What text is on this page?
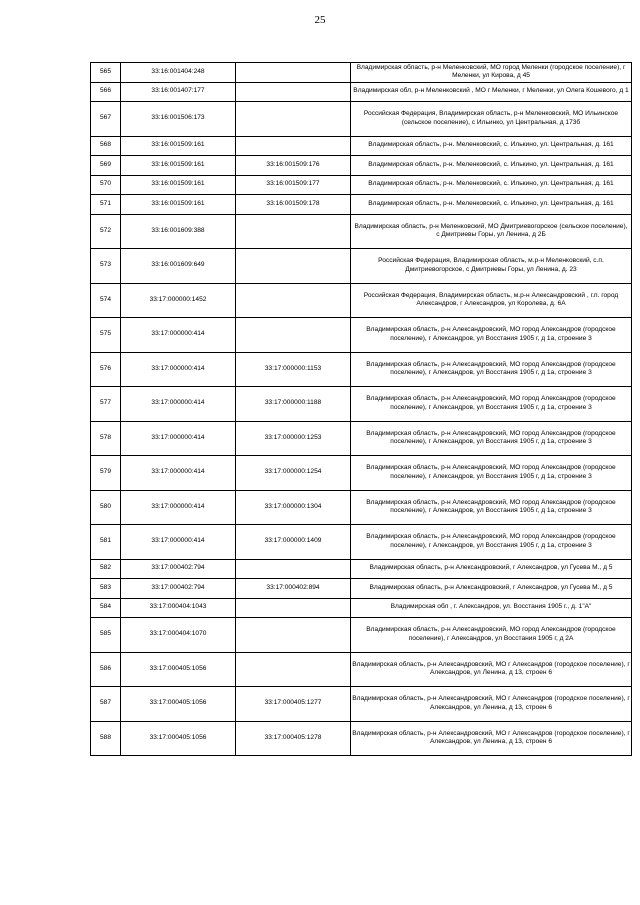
25
565	33:16:001404:248		Владимирская область, р-н Меленковский, МО город Меленки (городское поселение), г Меленки, ул Кирова, д 45
566	33:16:001407:177		Владимирская обл, р-н Меленковский , МО г Меленки, г Меленки, ул Олега Кошевого, д 1
567	33:16:001506:173		Российская Федерация, Владимирская область, р-н Меленковский, МО Ильинское (сельское поселение), с Ильинко, ул Центральная, д 173б
568	33:16:001509:161		Владимирская область, р-н. Меленковский, с. Илькино, ул. Центральная, д. 161
569	33:16:001509:161	33:16:001509:176	Владимирская область, р-н. Меленковский, с. Илькино, ул. Центральная, д. 161
570	33:16:001509:161	33:16:001509:177	Владимирская область, р-н. Меленковский, с. Илькино, ул. Центральная, д. 161
571	33:16:001509:161	33:16:001509:178	Владимирская область, р-н. Меленковский, с. Илькино, ул. Центральная, д. 161
572	33:16:001609:388		Владимирская область, р-н Меленковский, МО Дмитриевогорское (сельское поселение), с Дмитриевы Горы, ул Ленина, д 2Б
573	33:16:001609:649		Российская Федерация, Владимирская область, м.р-н Меленковский, с.п. Дмитриевогорское, с Дмитриевы Горы, ул Ленина, д. 23
574	33:17:000000:1452		Российская Федерация, Владимирская область, м.р-н Александровский , г.п. город Александров, г Александров, ул Королева, д. 6А
575	33:17:000000:414		Владимирская область, р-н Александровский, МО город Александров (городское поселение), г Александров, ул Восстания 1905 г, д 1а, строение 3
576	33:17:000000:414	33:17:000000:1153	Владимирская область, р-н Александровский, МО город Александров (городское поселение), г Александров, ул Восстания 1905 г, д 1а, строение 3
577	33:17:000000:414	33:17:000000:1188	Владимирская область, р-н Александровский, МО город Александров (городское поселение), г Александров, ул Восстания 1905 г, д 1а, строение 3
578	33:17:000000:414	33:17:000000:1253	Владимирская область, р-н Александровский, МО город Александров (городское поселение), г Александров, ул Восстания 1905 г, д 1а, строение 3
579	33:17:000000:414	33:17:000000:1254	Владимирская область, р-н Александровский, МО город Александров (городское поселение), г Александров, ул Восстания 1905 г, д 1а, строение 3
580	33:17:000000:414	33:17:000000:1304	Владимирская область, р-н Александровский, МО город Александров (городское поселение), г Александров, ул Восстания 1905 г, д 1а, строение 3
581	33:17:000000:414	33:17:000000:1409	Владимирская область, р-н Александровский, МО город Александров (городское поселение), г Александров, ул Восстания 1905 г, д 1а, строение 3
582	33:17:000402:794		Владимирская область, р-н Александровский, г Александров, ул Гусева М., д 5
583	33:17:000402:794	33:17:000402:894	Владимирская область, р-н Александровский, г Александров, ул Гусева М., д 5
584	33:17:000404:1043		Владимирская обл , г. Александров, ул. Восстания 1905 г., д. 1"А"
585	33:17:000404:1070		Владимирская область, р-н Александровский, МО город Александров (городское поселение), г Александров, ул Восстания 1905 г, д 2А
586	33:17:000405:1056		Владимирская область, р-н Александровский, МО г Александров (городское поселение), г Александров, ул Ленина, д 13, строен 6
587	33:17:000405:1056	33:17:000405:1277	Владимирская область, р-н Александровский, МО г Александров (городское поселение), г Александров, ул Ленина, д 13, строен 6
588	33:17:000405:1056	33:17:000405:1278	Владимирская область, р-н Александровский, МО г Александров (городское поселение), г Александров, ул Ленина, д 13, строен 6
